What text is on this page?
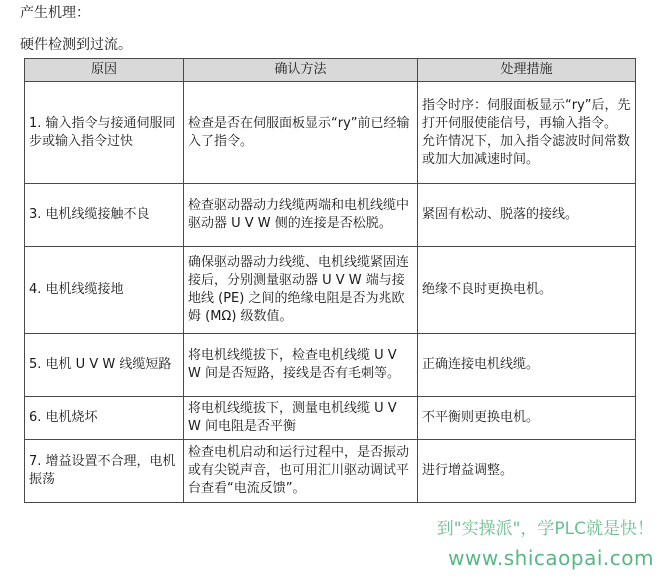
产生机理：
硬件检测到过流。
原因	确认方法	处理措施
1. 输入指令与接通伺服同步或输入指令过快	检查是否在伺服面板显示“ry”前已经输入了指令。	指令时序：伺服面板显示“ry”后，先打开伺服使能信号，再输入指令。
允许情况下，加入指令滤波时间常数或加大加减速时间。

3. 电机线缆接触不良	检查驱动器动力线缆两端和电机线缆中驱动器 U V W 侧的连接是否松脱。	紧固有松动、脱落的接线。
4. 电机线缆接地	确保驱动器动力线缆、电机线缆紧固连接后，分别测量驱动器 U V W 端与接地线 (PE) 之间的绝缘电阻是否为兆欧姆 (MΩ) 级数值。	绝缘不良时更换电机。
5. 电机 U V W 线缆短路	将电机线缆拔下，检查电机线缆 U V W 间是否短路，接线是否有毛刺等。	正确连接电机线缆。
6. 电机烧坏	将电机线缆拔下，测量电机线缆 U V W 间电阻是否平衡	不平衡则更换电机。
7. 增益设置不合理，电机振荡	检查电机启动和运行过程中，是否振动或有尖锐声音，也可用汇川驱动调试平台查看“电流反馈”。	进行增益调整。
到"实操派"，学PLC就是快！
www.shicaopai.com
